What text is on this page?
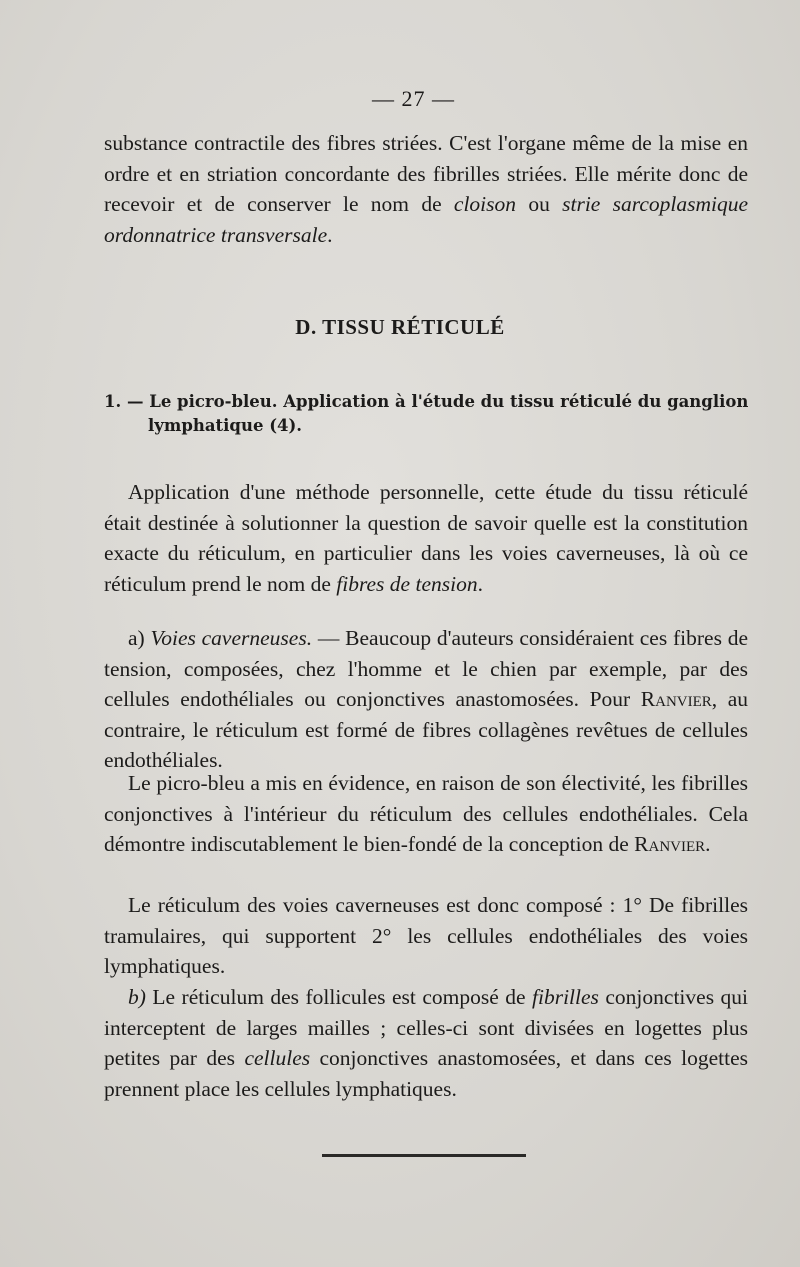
— 27 —

substance contractile des fibres striées. C'est l'organe même de la mise en ordre et en striation concordante des fibrilles striées. Elle mérite donc de recevoir et de conserver le nom de cloison ou strie sarcoplasmique ordonnatrice transversale.

D. TISSU RÉTICULÉ
1. — Le picro-bleu. Application à l'étude du tissu réticulé du ganglion lymphatique (4).

Application d'une méthode personnelle, cette étude du tissu réticulé était destinée à solutionner la question de savoir quelle est la constitution exacte du réticulum, en particulier dans les voies caverneuses, là où ce réticulum prend le nom de fibres de tension.

a) Voies caverneuses. — Beaucoup d'auteurs considéraient ces fibres de tension, composées, chez l'homme et le chien par exemple, par des cellules endothéliales ou conjonctives anastomosées. Pour Ranvier, au contraire, le réticulum est formé de fibres collagènes revêtues de cellules endothéliales.

Le picro-bleu a mis en évidence, en raison de son électivité, les fibrilles conjonctives à l'intérieur du réticulum des cellules endothéliales. Cela démontre indiscutablement le bien-fondé de la conception de Ranvier.

Le réticulum des voies caverneuses est donc composé : 1° De fibrilles tramulaires, qui supportent 2° les cellules endothéliales des voies lymphatiques.

b) Le réticulum des follicules est composé de fibrilles conjonctives qui interceptent de larges mailles ; celles-ci sont divisées en logettes plus petites par des cellules conjonctives anastomosées, et dans ces logettes prennent place les cellules lymphatiques.
